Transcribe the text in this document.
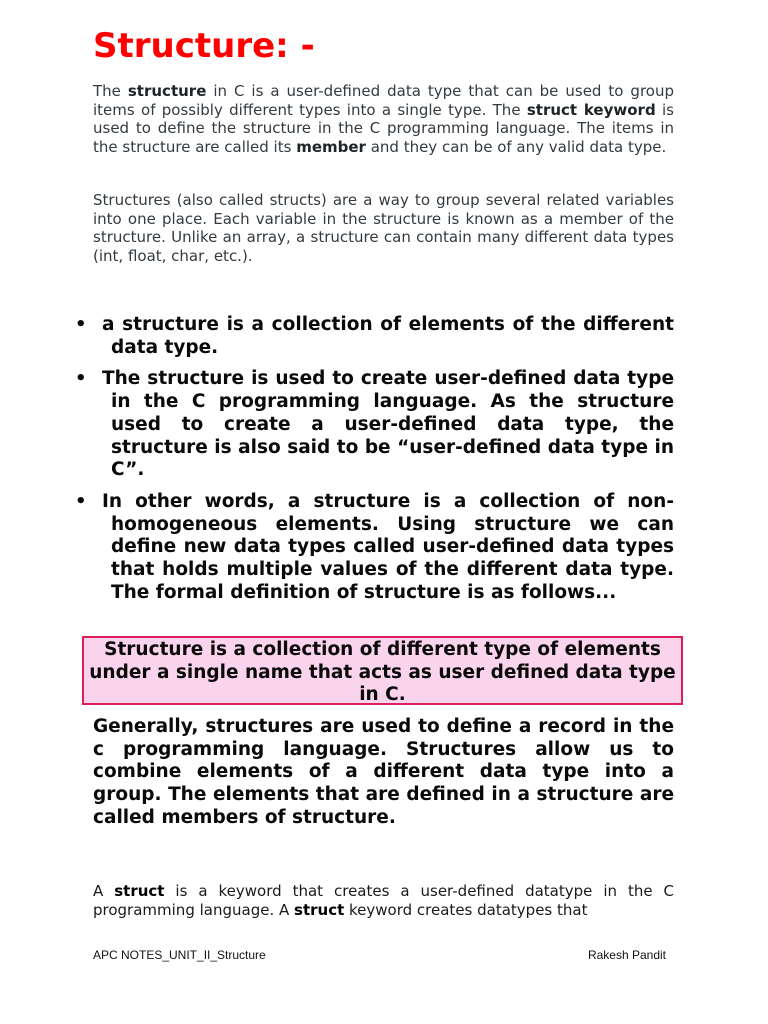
Structure: -

The structure in C is a user-defined data type that can be used to group items of possibly different types into a single type. The struct keyword is used to define the structure in the C programming language. The items in the structure are called its member and they can be of any valid data type.

Structures (also called structs) are a way to group several related variables into one place. Each variable in the structure is known as a member of the structure. Unlike an array, a structure can contain many different data types (int, float, char, etc.).

• a structure is a collection of elements of the different data type.
• The structure is used to create user-defined data type in the C programming language. As the structure used to create a user-defined data type, the structure is also said to be “user-defined data type in C”.
• In other words, a structure is a collection of non-homogeneous elements. Using structure we can define new data types called user-defined data types that holds multiple values of the different data type. The formal definition of structure is as follows...
Structure is a collection of different type of elements under a single name that acts as user defined data type in C.

Generally, structures are used to define a record in the c programming language. Structures allow us to combine elements of a different data type into a group. The elements that are defined in a structure are called members of structure.

A struct is a keyword that creates a user-defined datatype in the C programming language. A struct keyword creates datatypes that

APC NOTES_UNIT_II_Structure	Rakesh Pandit
